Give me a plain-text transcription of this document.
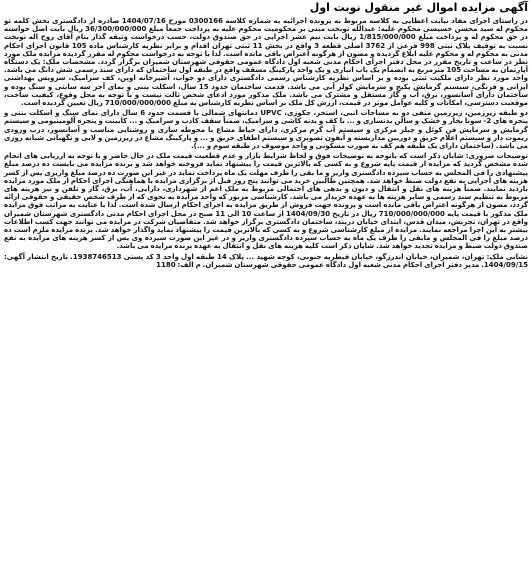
آگهی مزایده اموال غیر منقول نوبت اول

در راستای اجرای مفاد نیابت اعطایی به کلاسه مربوط به پرونده اجرائیه به شماره کلاسه 0300166 مورخ 1404/07/16 صادره از دادگستری بخش کلمه تو محکوم له سید محسن خسیسی محکوم علیه: عبدالله نوبخت مبنی بر محکومیت محکوم علیه به پرداخت جمعاً مبلغ 36/300/000/000 ریال بابت اصل خواسته در حق محکوم له و پرداخت مبلغ 1/815/000/000 ریال بابت نیم عشر اجرایی در حق صندوق دولت، حسب درخواست وثیقه گذار بنام آقای روح اله نوبخت نسبت به توقیف پلاک ثبتی 998 فرعی از 3762 اصلی قطعه 3 واقع در بخش 11 ثبتی تهران اقدام و برابر نظریه کارشناس ماده 105 قانون اجرای احکام مدنی به محکوم له و محکوم علیه ابلاغ گردیده و مصون از هرگونه اعتراض باقی مانده است. لذا با توجه به درخواست محکوم له مقرر گردیده مزایده ملک مورد نظر در ساعت و تاریخ مقرر در محل دفتر اجرای احکام مدنی شعبه اول دادگاه عمومی حقوقی شهرستان شمیران برگزار گردد. مشخصات ملک: یک دستگاه آپارتمان به مساحت 105 مترمربع به انضمام یک باب انباری و یک واحد پارکینگ مسقف واقع در طبقه اول ساختمان که دارای سند رسمی شش دانگ می باشد. واحد مورد نظر دارای ملکیت ثبتی بوده و بر اساس نظریه کارشناس رسمی دادگستری دارای دو خواب، آشپزخانه اوپن، کف سرامیک، سرویس بهداشتی ایرانی و فرنگی، سیستم گرمایش پکیج و سرمایش کولر آبی می باشد. قدمت ساختمان حدود 15 سال، اسکلت بتنی و نمای آجر سه سانتی و سنگ بوده و ساختمان دارای آسانسور، برق، آب و گاز مستقل و مشترک می باشد. ملک مذکور مورد ادعای شخص ثالث نیست و با توجه به محل وقوع، کیفیت ساخت، موقعیت دسترسی، امکانات و کلیه عوامل موثر در قیمت، ارزش کل ملک بر اساس نظریه کارشناس به مبلغ 710/000/000/000 ریال تعیین گردیده است.

دو طبقه زیرزمین، زیرزمین منفی دو به مساحات انبی، استخر، جکوزی، UPVC دمانتهای شمالی با قسمت حدود 6 سال دارای نمای سنگ و اسکلت بتنی و پنجره های 2- سونا بخار و خشک و سالن بدنسازی و ... با کف و بدنه کاشی و سرامیک، ضمناً سقف کاذب و سرامیک و ... کابینت و پنجره آلومینیومی و سیستم گرمایش و سرمایش فن کوئل و چیلر مرکزی و سیستم آب گرم مرکزی، دارای حیاط مشاع با محوطه سازی و روشنایی مناسب و آسانسور، درب ورودی ریموت دار و سیستم اعلام حریق و دوربین مداربسته و آیفون تصویری و سیستم اطفای حریق و ... و پارکینگ مشاع در زیرزمین و لابی و نگهبانی شبانه روزی می باشد. (ساختمان دارای یک طبقه هم کف به صورت مسکونی و واحد موصوف در طبقه سوم و ...).

توضیحات ضروری: شایان ذکر است که باتوجه به توضیحات فوق و لحاظ شرایط بازار و عدم قطعیت قیمت ملک در حال حاضر و با توجه به ارزیابی های انجام شده مشخص گردید که مزایده از قیمت پایه شروع و به کسی که بالاترین قیمت را پیشنهاد نماید فروخته خواهد شد و برنده مزایده می بایست ده درصد مبلغ پیشنهادی را فی المجلس به حساب سپرده دادگستری واریز و ما بقی را ظرف مهلت یک ماه پرداخت نماید در غیر این صورت ده درصد مبلغ واریزی پس از کسر هزینه های اجرایی به نفع دولت ضبط خواهد شد. همچنین طالبین خرید می توانند پنج روز قبل از برگزاری مزایده با هماهنگی اجرای احکام از ملک مورد مزایده بازدید نمایند. ضمناً هزینه های نقل و انتقال و دیون و بدهی های احتمالی مربوط به ملک اعم از شهرداری، دارایی، آب، برق، گاز و تلفن و نیز هزینه های مربوط به تنظیم سند رسمی و سایر هزینه ها به عهده خریدار می باشد. کارشناسی مزبور که واحد مزایده به نحوی که از طرف شخص حقیقی و حقوقی ارائه گردد، مصون از هرگونه اعتراض باقی مانده است و پرونده جهت فروش از طریق مزایده به اجرای احکام ارسال شده است. لذا با عنایت به مراتب فوق مزایده ملک مذکور با قیمت پایه 710/000/000/000 ریال در تاریخ 1404/09/30 از ساعت 10 الی 11 صبح در محل اجرای احکام مدنی دادگستری شهرستان شمیران واقع در تهران، تجریش، میدان قدس، ابتدای خیابان دربند، ساختمان دادگستری برگزار خواهد شد. متقاضیان شرکت در مزایده می توانند جهت کسب اطلاعات بیشتر به این اجرا مراجعه نمایند. مزایده از مبلغ کارشناسی شروع و به کسی که بالاترین قیمت را پیشنهاد نماید واگذار خواهد شد. برنده مزایده ملزم است ده درصد مبلغ را فی المجلس و مابقی را ظرف یک ماه به حساب سپرده دادگستری واریز و در غیر این صورت سپرده وی پس از کسر هزینه های مزایده به نفع صندوق دولت ضبط و مزایده تجدید خواهد شد. شایان ذکر است کلیه هزینه های نقل و انتقال به عهده برنده مزایده می باشد.

نشانی ملک: تهران، شمیران، خیابان اندرزگو، خیابان قیطریه جنوبی، کوچه شهید ... پلاک 14 طبقه اول واحد 3 کد پستی 1938746513. تاریخ انتشار آگهی: 1404/09/15. مدیر دفتر اجرای احکام مدنی شعبه اول دادگاه عمومی حقوقی شهرستان شمیران. م الف: 1180
